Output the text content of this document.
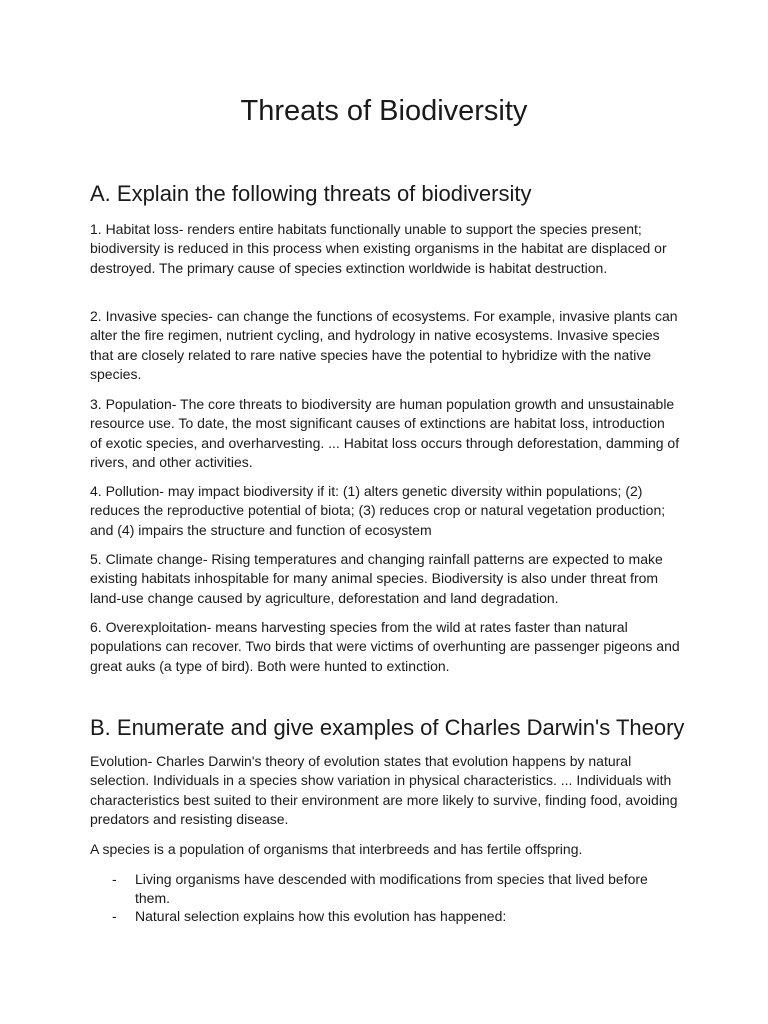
Threats of Biodiversity
A. Explain the following threats of biodiversity

1. Habitat loss- renders entire habitats functionally unable to support the species present; biodiversity is reduced in this process when existing organisms in the habitat are displaced or destroyed. The primary cause of species extinction worldwide is habitat destruction.

2. Invasive species- can change the functions of ecosystems. For example, invasive plants can alter the fire regimen, nutrient cycling, and hydrology in native ecosystems. Invasive species that are closely related to rare native species have the potential to hybridize with the native species.

3. Population- The core threats to biodiversity are human population growth and unsustainable resource use. To date, the most significant causes of extinctions are habitat loss, introduction of exotic species, and overharvesting. ... Habitat loss occurs through deforestation, damming of rivers, and other activities.

4. Pollution- may impact biodiversity if it: (1) alters genetic diversity within populations; (2) reduces the reproductive potential of biota; (3) reduces crop or natural vegetation production; and (4) impairs the structure and function of ecosystem

5. Climate change- Rising temperatures and changing rainfall patterns are expected to make existing habitats inhospitable for many animal species. Biodiversity is also under threat from land-use change caused by agriculture, deforestation and land degradation.

6. Overexploitation- means harvesting species from the wild at rates faster than natural populations can recover. Two birds that were victims of overhunting are passenger pigeons and great auks (a type of bird). Both were hunted to extinction.

B. Enumerate and give examples of Charles Darwin's Theory

Evolution- Charles Darwin's theory of evolution states that evolution happens by natural selection. Individuals in a species show variation in physical characteristics. ... Individuals with characteristics best suited to their environment are more likely to survive, finding food, avoiding predators and resisting disease.

A species is a population of organisms that interbreeds and has fertile offspring.

- Living organisms have descended with modifications from species that lived before them.
- Natural selection explains how this evolution has happened:
